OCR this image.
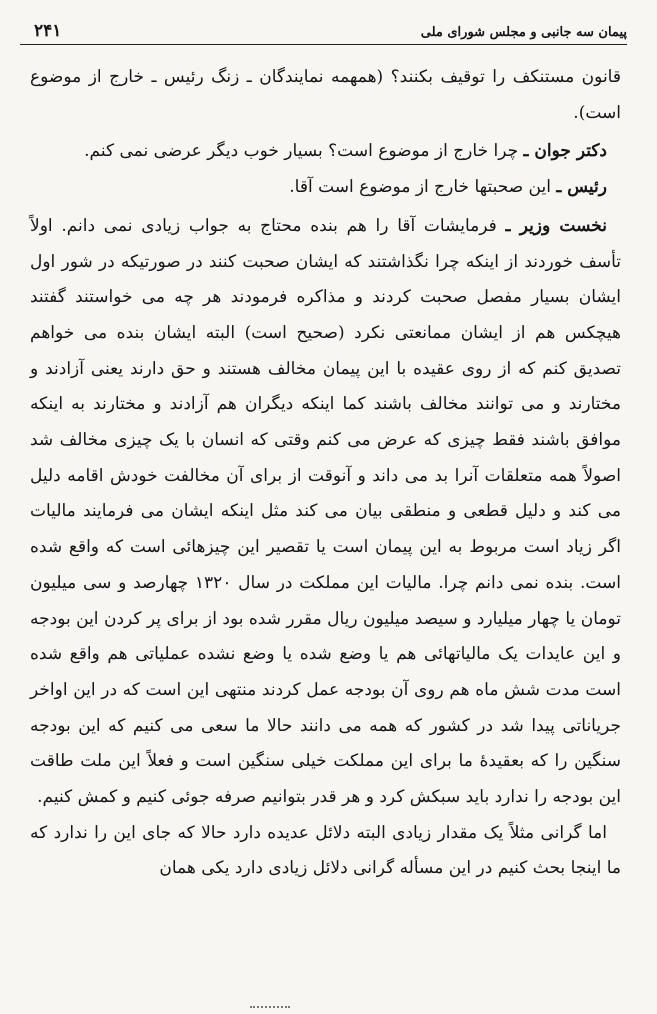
۲۴۱	پیمان سه جانبی و مجلس شورای ملی

قانون مستنکف را توقیف بکنند؟ (همهمه نمایندگان ـ زنگ رئیس ـ خارج از موضوع است).

دکتر جوان ـ چرا خارج از موضوع است؟ بسیار خوب دیگر عرضی نمی کنم.

رئیس ـ این صحبتها خارج از موضوع است آقا.

نخست وزیر ـ فرمایشات آقا را هم بنده محتاج به جواب زیادی نمی دانم. اولاً تأسف خوردند از اینکه چرا نگذاشتند که ایشان صحبت کنند در صورتیکه در شور اول ایشان بسیار مفصل صحبت کردند و مذاکره فرمودند هر چه می خواستند گفتند هیچکس هم از ایشان ممانعتی نکرد (صحیح است) البته ایشان بنده می خواهم تصدیق کنم که از روی عقیده با این پیمان مخالف هستند و حق دارند یعنی آزادند و مختارند و می توانند مخالف باشند کما اینکه دیگران هم آزادند و مختارند به اینکه موافق باشند فقط چیزی که عرض می کنم وقتی که انسان با یک چیزی مخالف شد اصولاً همه متعلقات آنرا بد می داند و آنوقت از برای آن مخالفت خودش اقامه دلیل می کند و دلیل قطعی و منطقی بیان می کند مثل اینکه ایشان می فرمایند مالیات اگر زیاد است مربوط به این پیمان است یا تقصیر این چیزهائی است که واقع شده است. بنده نمی دانم چرا. مالیات این مملکت در سال ۱۳۲۰ چهارصد و سی میلیون تومان یا چهار میلیارد و سیصد میلیون ریال مقرر شده بود از برای پر کردن این بودجه و این عایدات یک مالیاتهائی هم یا وضع شده یا وضع نشده عملیاتی هم واقع شده است مدت شش ماه هم روی آن بودجه عمل کردند منتهی این است که در این اواخر جریاناتی پیدا شد در کشور که همه می دانند حالا ما سعی می کنیم که این بودجه سنگین را که بعقیدهٔ ما برای این مملکت خیلی سنگین است و فعلاً این ملت طاقت این بودجه را ندارد باید سبکش کرد و هر قدر بتوانیم صرفه جوئی کنیم و کمش کنیم.

اما گرانی مثلاً یک مقدار زیادی البته دلائل عدیده دارد حالا که جای این را ندارد که ما اینجا بحث کنیم در این مسأله گرانی دلائل زیادی دارد یکی همان
